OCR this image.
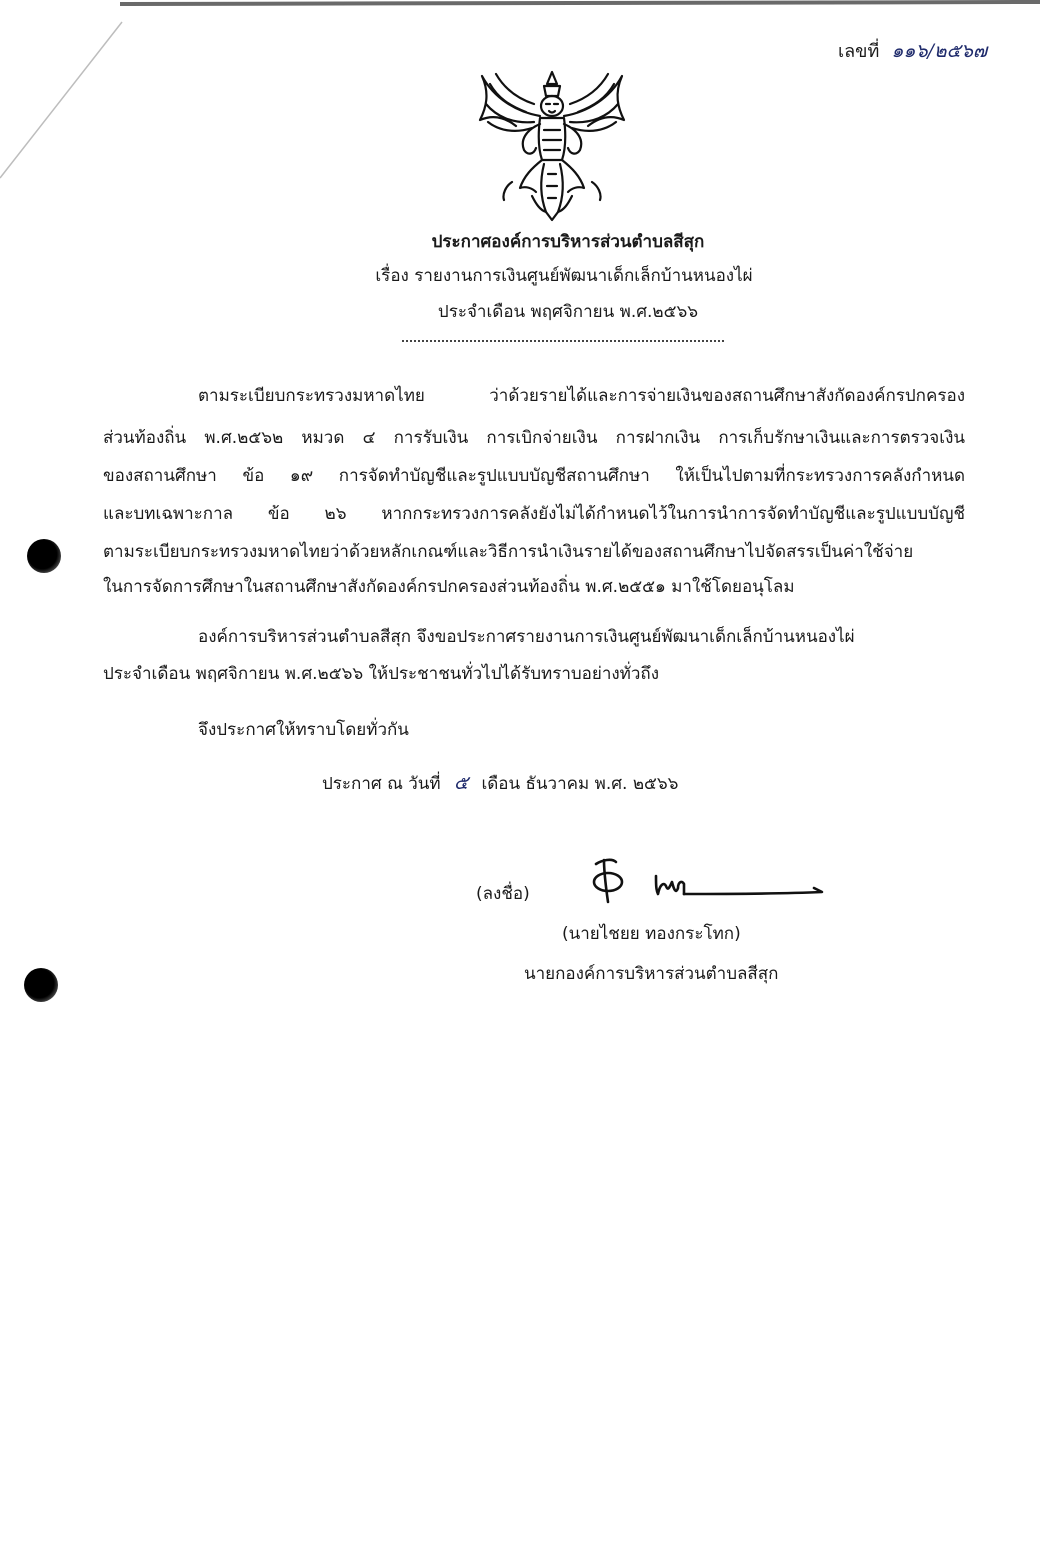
เลขที่ ๑๑๖/๒๕๖๗
ประกาศองค์การบริหารส่วนตำบลสีสุก
เรื่อง รายงานการเงินศูนย์พัฒนาเด็กเล็กบ้านหนองไผ่
ประจำเดือน พฤศจิกายน พ.ศ.๒๕๖๖
ตามระเบียบกระทรวงมหาดไทย ว่าด้วยรายได้และการจ่ายเงินของสถานศึกษาสังกัดองค์กรปกครอง
ส่วนท้องถิ่น พ.ศ.๒๕๖๒ หมวด ๔ การรับเงิน การเบิกจ่ายเงิน การฝากเงิน การเก็บรักษาเงินและการตรวจเงิน
ของสถานศึกษา ข้อ ๑๙ การจัดทำบัญชีและรูปแบบบัญชีสถานศึกษา ให้เป็นไปตามที่กระทรวงการคลังกำหนด
และบทเฉพาะกาล ข้อ ๒๖ หากกระทรวงการคลังยังไม่ได้กำหนดไว้ในการนำการจัดทำบัญชีและรูปแบบบัญชี
ตามระเบียบกระทรวงมหาดไทยว่าด้วยหลักเกณฑ์และวิธีการนำเงินรายได้ของสถานศึกษาไปจัดสรรเป็นค่าใช้จ่าย
ในการจัดการศึกษาในสถานศึกษาสังกัดองค์กรปกครองส่วนท้องถิ่น พ.ศ.๒๕๕๑ มาใช้โดยอนุโลม
องค์การบริหารส่วนตำบลสีสุก จึงขอประกาศรายงานการเงินศูนย์พัฒนาเด็กเล็กบ้านหนองไผ่
ประจำเดือน พฤศจิกายน พ.ศ.๒๕๖๖ ให้ประชาชนทั่วไปได้รับทราบอย่างทั่วถึง
จึงประกาศให้ทราบโดยทั่วกัน
ประกาศ ณ วันที่ ๕ เดือน ธันวาคม พ.ศ. ๒๕๖๖
(ลงชื่อ)
(นายไชยย ทองกระโทก)
นายกองค์การบริหารส่วนตำบลสีสุก
